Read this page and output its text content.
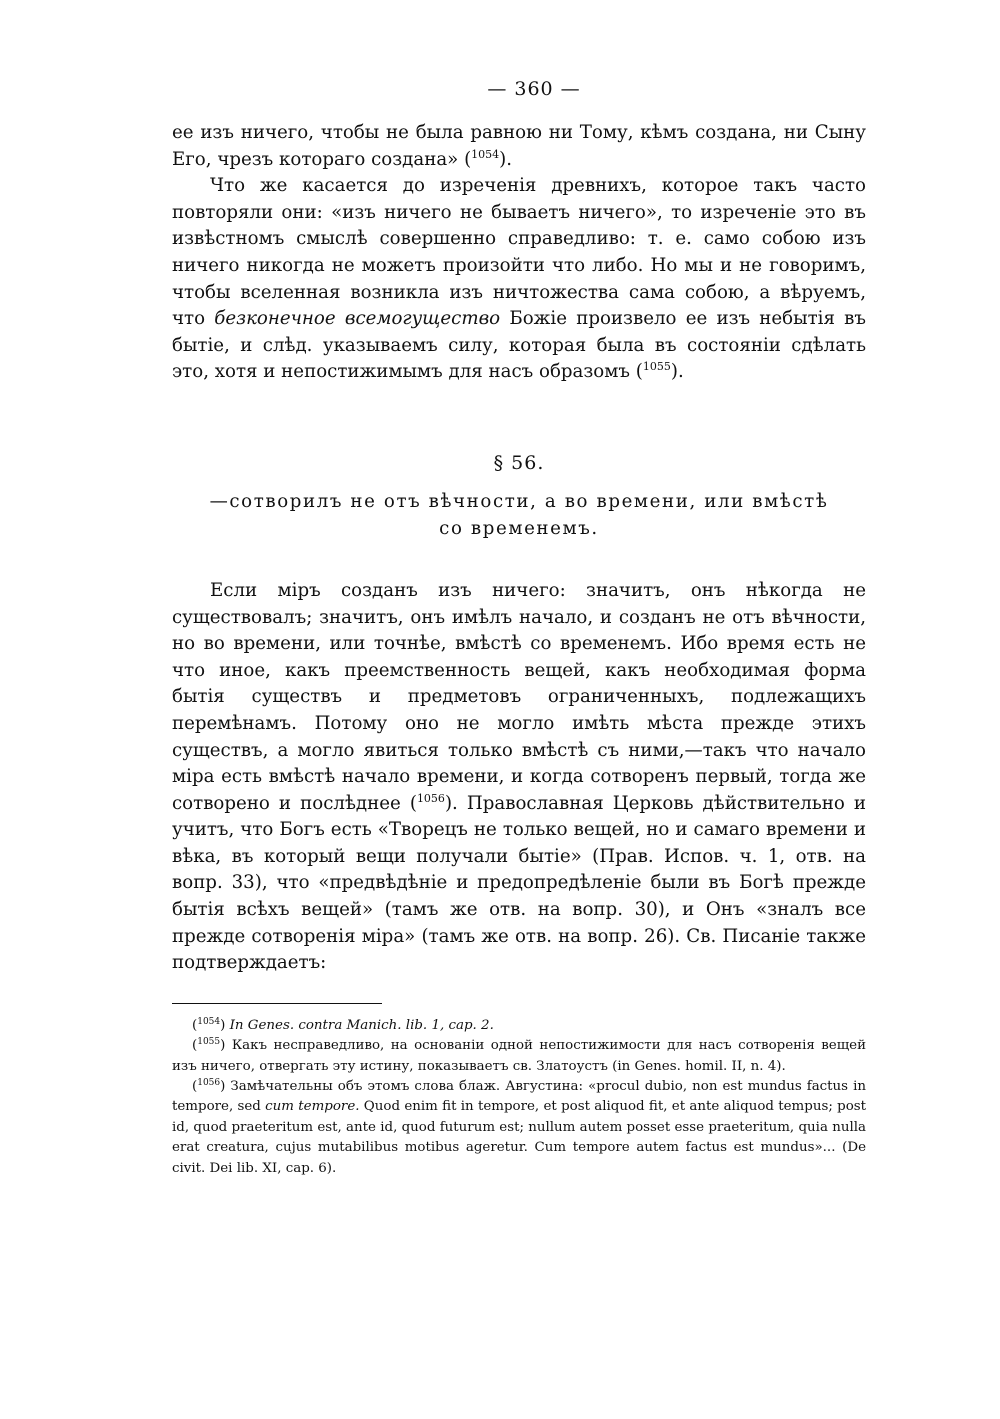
— 360 —

ее изъ ничего, чтобы не была равною ни Тому, кѣмъ создана, ни Сыну Его, чрезъ котораго создана» ($^{1054}$).

Что же касается до изреченія древнихъ, которое такъ часто повторяли они: «изъ ничего не бываетъ ничего», то изреченіе это въ извѣстномъ смыслѣ совершенно справедливо: т. е. само собою изъ ничего никогда не можетъ произойти что либо. Но мы и не говоримъ, чтобы вселенная возникла изъ ничтожества сама собою, а вѣруемъ, что безконечное всемогущество Божіе произвело ее изъ небытія въ бытіе, и слѣд. указываемъ силу, которая была въ состояніи сдѣлать это, хотя и непостижимымъ для насъ образомъ ($^{1055}$).

§ 56.
—сотворилъ не отъ вѣчности, а во времени, или вмѣстѣ
со временемъ.

Если міръ созданъ изъ ничего: значитъ, онъ нѣкогда не существовалъ; значитъ, онъ имѣлъ начало, и созданъ не отъ вѣчности, но во времени, или точнѣе, вмѣстѣ со временемъ. Ибо время есть не что иное, какъ преемственность вещей, какъ необходимая форма бытія существъ и предметовъ ограниченныхъ, подлежащихъ перемѣнамъ. Потому оно не могло имѣть мѣста прежде этихъ существъ, а могло явиться только вмѣстѣ съ ними,—такъ что начало міра есть вмѣстѣ начало времени, и когда сотворенъ первый, тогда же сотворено и послѣднее ($^{1056}$). Православная Церковь дѣйствительно и учитъ, что Богъ есть «Творецъ не только вещей, но и самаго времени и вѣка, въ который вещи получали бытіе» (Прав. Испов. ч. 1, отв. на вопр. 33), что «предвѣдѣніе и предопредѣленіе были въ Богѣ прежде бытія всѣхъ вещей» (тамъ же отв. на вопр. 30), и Онъ «зналъ все прежде сотворенія міра» (тамъ же отв. на вопр. 26). Св. Писаніе также подтверждаетъ:

($^{1054}$) In Genes. contra Manich. lib. 1, cap. 2.

($^{1055}$) Какъ несправедливо, на основаніи одной непостижимости для насъ сотворенія вещей изъ ничего, отвергать эту истину, показываетъ св. Златоустъ (in Genes. homil. II, n. 4).

($^{1056}$) Замѣчательны объ этомъ слова блаж. Августина: «procul dubio, non est mundus factus in tempore, sed cum tempore. Quod enim fit in tempore, et post aliquod fit, et ante aliquod tempus; post id, quod praeteritum est, ante id, quod futurum est; nullum autem posset esse praeteritum, quia nulla erat creatura, cujus mutabilibus motibus ageretur. Cum tempore autem factus est mundus»... (De civit. Dei lib. XI, cap. 6).
